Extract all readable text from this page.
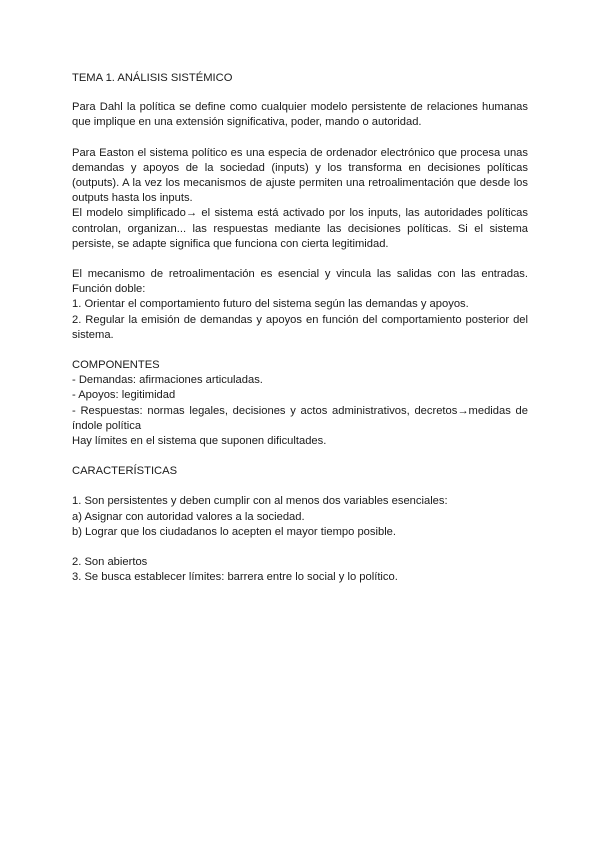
TEMA 1. ANÁLISIS SISTÉMICO

Para Dahl la política se define como cualquier modelo persistente de relaciones humanas que implique en una extensión significativa, poder, mando o autoridad.

Para Easton el sistema político es una especia de ordenador electrónico que procesa unas demandas y apoyos de la sociedad (inputs) y los transforma en decisiones políticas (outputs). A la vez los mecanismos de ajuste permiten una retroalimentación que desde los outputs hasta los inputs.

El modelo simplificado→ el sistema está activado por los inputs, las autoridades políticas controlan, organizan... las respuestas mediante las decisiones políticas. Si el sistema persiste, se adapte significa que funciona con cierta legitimidad.

El mecanismo de retroalimentación es esencial y vincula las salidas con las entradas. Función doble:

1. Orientar el comportamiento futuro del sistema según las demandas y apoyos.

2. Regular la emisión de demandas y apoyos en función del comportamiento posterior del sistema.

COMPONENTES

- Demandas: afirmaciones articuladas.

- Apoyos: legitimidad

- Respuestas: normas legales, decisiones y actos administrativos, decretos→medidas de índole política

Hay límites en el sistema que suponen dificultades.

CARACTERÍSTICAS

1. Son persistentes y deben cumplir con al menos dos variables esenciales:

a) Asignar con autoridad valores a la sociedad.

b) Lograr que los ciudadanos lo acepten el mayor tiempo posible.

2. Son abiertos

3. Se busca establecer límites: barrera entre lo social y lo político.
